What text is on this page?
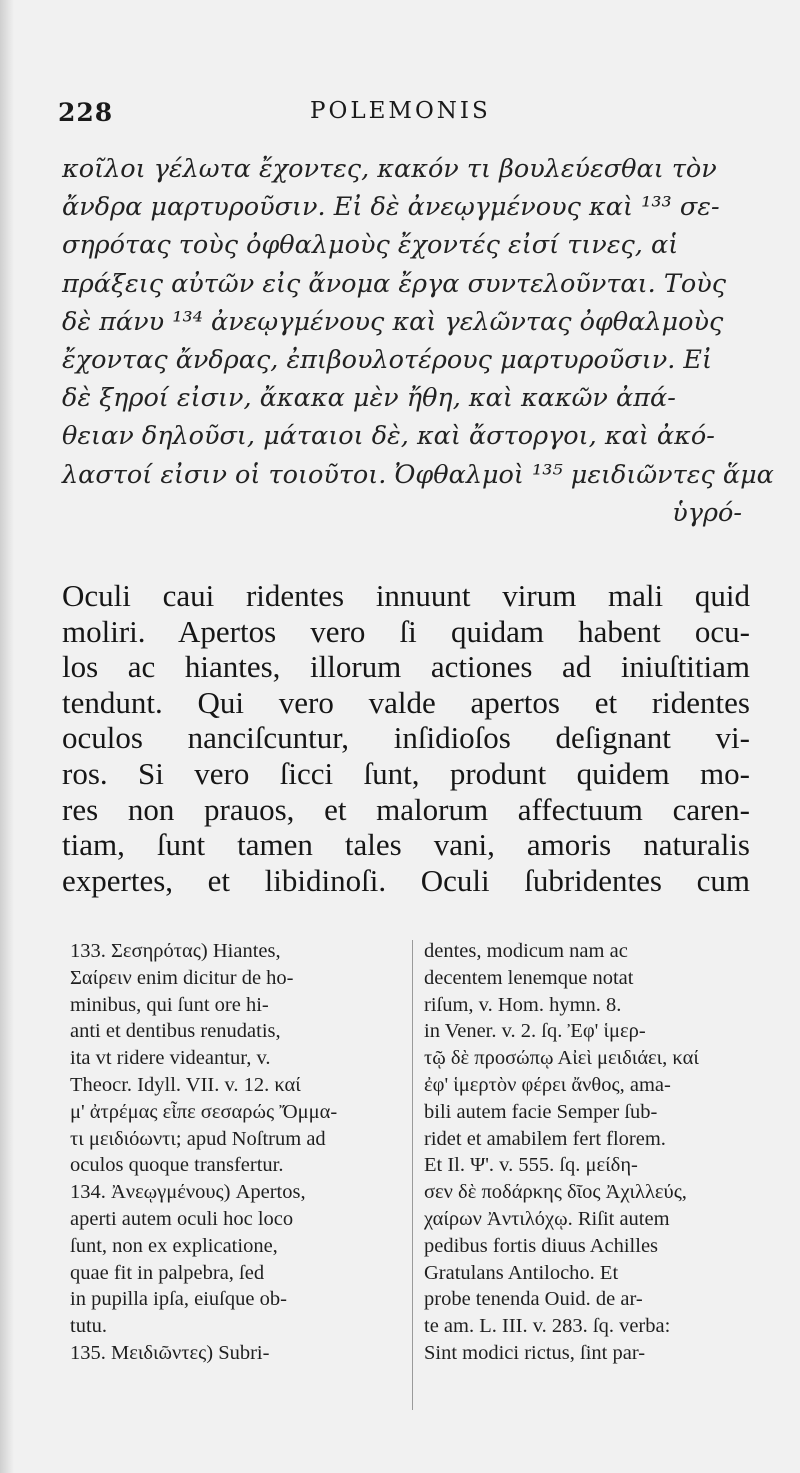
228	POLEMONIS
κοῖλοι γέλωτα ἔχοντες, κακόν τι βουλεύεσθαι τὸν
ἄνδρα μαρτυροῦσιν. Εἰ δὲ ἀνεῳγμένους καὶ ¹³³ σε-
σηρότας τοὺς ὀφθαλμοὺς ἔχοντές εἰσί τινες, αἱ
πράξεις αὐτῶν εἰς ἄνομα ἔργα συντελοῦνται. Τοὺς
δὲ πάνυ ¹³⁴ ἀνεῳγμένους καὶ γελῶντας ὀφθαλμοὺς
ἔχοντας ἄνδρας, ἐπιβουλοτέρους μαρτυροῦσιν. Εἰ
δὲ ξηροί εἰσιν, ἄκακα μὲν ἤθη, καὶ κακῶν ἀπά-
θειαν δηλοῦσι, μάταιοι δὲ, καὶ ἄστοργοι, καὶ ἀκό-
λαστοί εἰσιν οἱ τοιοῦτοι. Ὀφθαλμοὶ ¹³⁵ μειδιῶντες ἅμα
ὑγρό-
Oculi caui ridentes innuunt virum mali quid
moliri. Apertos vero ſi quidam habent ocu-
los ac hiantes, illorum actiones ad iniuſtitiam
tendunt. Qui vero valde apertos et ridentes
oculos nanciſcuntur, inſidioſos deſignant vi-
ros. Si vero ſicci ſunt, produnt quidem mo-
res non prauos, et malorum affectuum caren-
tiam, ſunt tamen tales vani, amoris naturalis
expertes, et libidinoſi. Oculi ſubridentes cum
133. Σεσηρότας) Hiantes,
Σαίρειν enim dicitur de ho-
minibus, qui ſunt ore hi-
anti et dentibus renudatis,
ita vt ridere videantur, v.
Theocr. Idyll. VII. v. 12. καί
μ' ἀτρέμας εἶπε σεσαρώς Ὄμμα-
τι μειδιόωντι; apud Noſtrum ad
oculos quoque transfertur.
134. Ἀνεῳγμένους) Apertos,
aperti autem oculi hoc loco
ſunt, non ex explicatione,
quae fit in palpebra, ſed
in pupilla ipſa, eiuſque ob-
tutu.
135. Μειδιῶντες) Subri-
dentes, modicum nam ac
decentem lenemque notat
riſum, v. Hom. hymn. 8.
in Vener. v. 2. ſq. Ἐφ' ἱμερ-
τῷ δὲ προσώπῳ Αἰεὶ μειδιάει, καί
ἐφ' ἱμερτὸν φέρει ἄνθος, ama-
bili autem facie Semper ſub-
ridet et amabilem fert florem.
Et Il. Ψ'. v. 555. ſq. μείδη-
σεν δὲ ποδάρκης δῖος Ἀχιλλεύς,
χαίρων Ἀντιλόχῳ. Riſit autem
pedibus fortis diuus Achilles
Gratulans Antilocho. Et
probe tenenda Ouid. de ar-
te am. L. III. v. 283. ſq. verba:
Sint modici rictus, ſint par-
